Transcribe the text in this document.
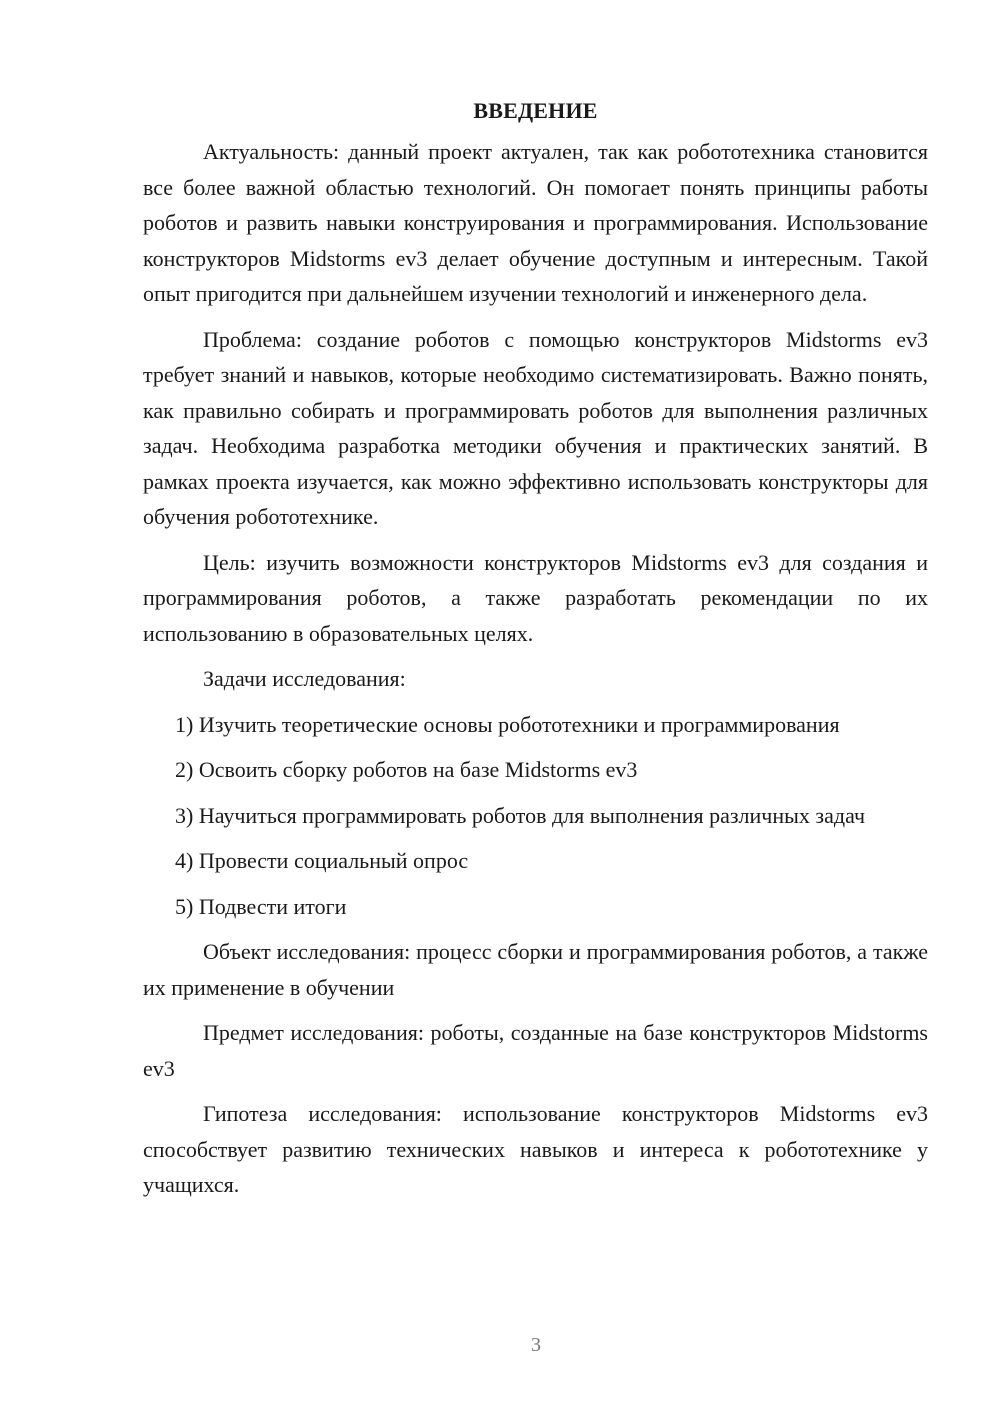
ВВЕДЕНИЕ

Актуальность: данный проект актуален, так как робототехника становится все более важной областью технологий. Он помогает понять принципы работы роботов и развить навыки конструирования и программирования. Использование конструкторов Midstorms ev3 делает обучение доступным и интересным. Такой опыт пригодится при дальнейшем изучении технологий и инженерного дела.

Проблема: создание роботов с помощью конструкторов Midstorms ev3 требует знаний и навыков, которые необходимо систематизировать. Важно понять, как правильно собирать и программировать роботов для выполнения различных задач. Необходима разработка методики обучения и практических занятий. В рамках проекта изучается, как можно эффективно использовать конструкторы для обучения робототехнике.

Цель: изучить возможности конструкторов Midstorms ev3 для создания и программирования роботов, а также разработать рекомендации по их использованию в образовательных целях.

Задачи исследования:

1) Изучить теоретические основы робототехники и программирования

2) Освоить сборку роботов на базе Midstorms ev3

3) Научиться программировать роботов для выполнения различных задач

4) Провести социальный опрос

5) Подвести итоги

Объект исследования: процесс сборки и программирования роботов, а также их применение в обучении

Предмет исследования: роботы, созданные на базе конструкторов Midstorms ev3

Гипотеза исследования: использование конструкторов Midstorms ev3 способствует развитию технических навыков и интереса к робототехнике у учащихся.

3
